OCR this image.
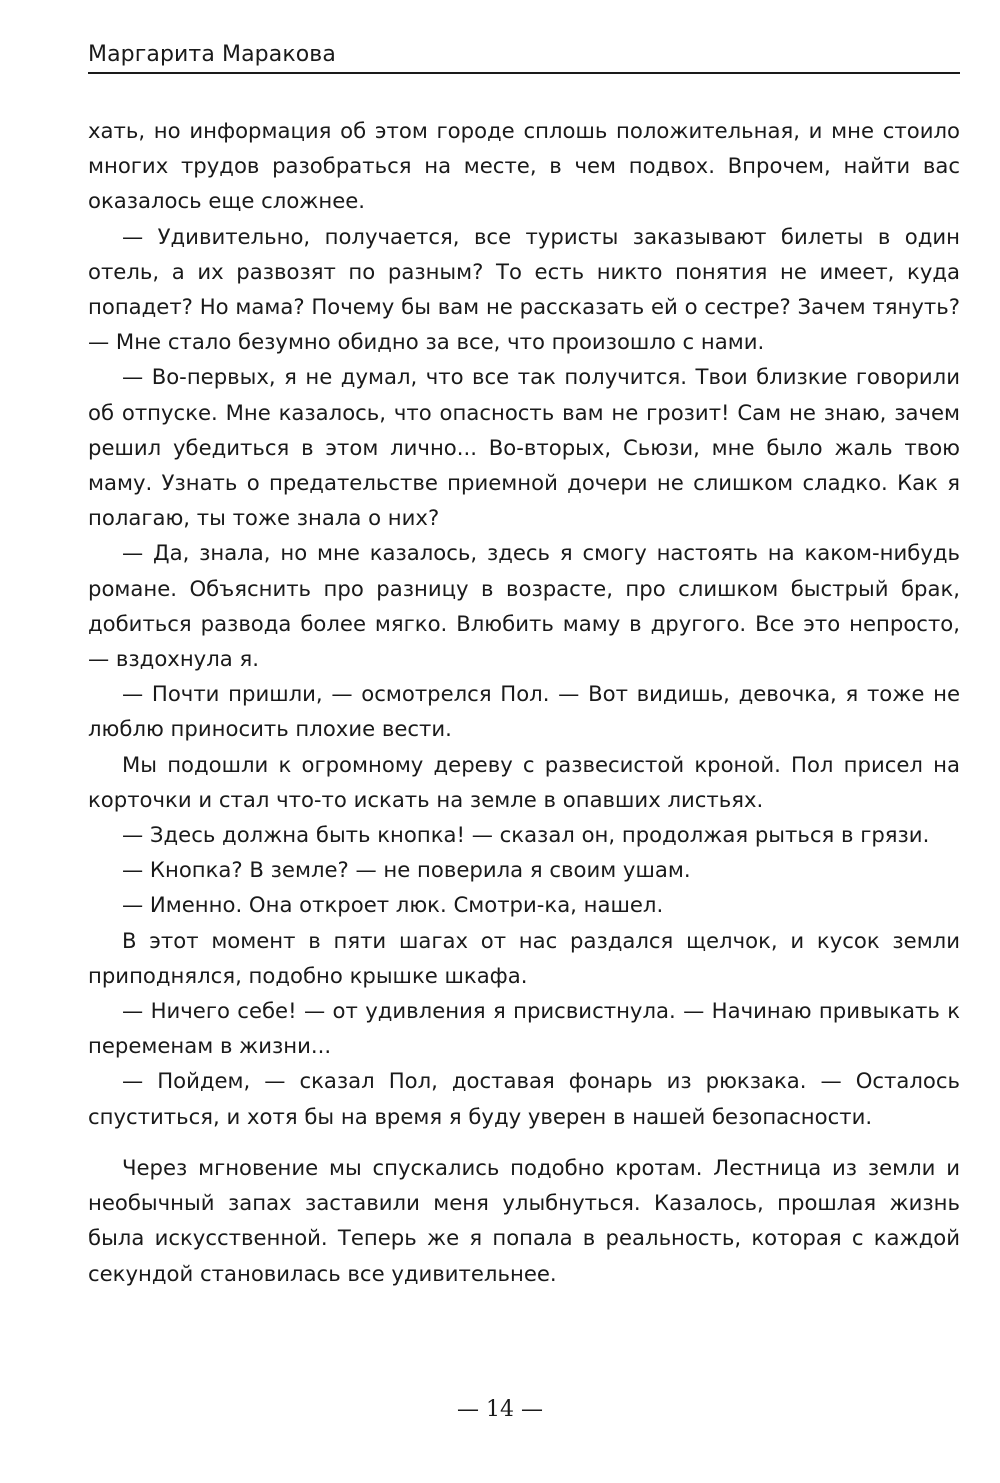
Маргарита Маракова

хать, но информация об этом городе сплошь положительная, и мне стоило многих трудов разобраться на месте, в чем подвох. Впрочем, найти вас оказалось еще сложнее.

— Удивительно, получается, все туристы заказывают билеты в один отель, а их развозят по разным? То есть никто понятия не имеет, куда попадет? Но мама? Почему бы вам не рассказать ей о сестре? Зачем тянуть? — Мне стало безумно обидно за все, что произошло с нами.

— Во-первых, я не думал, что все так получится. Твои близкие говорили об отпуске. Мне казалось, что опасность вам не грозит! Сам не знаю, зачем решил убедиться в этом лично... Во-вторых, Сьюзи, мне было жаль твою маму. Узнать о предательстве приемной дочери не слишком сладко. Как я полагаю, ты тоже знала о них?

— Да, знала, но мне казалось, здесь я смогу настоять на каком-нибудь романе. Объяснить про разницу в возрасте, про слишком быстрый брак, добиться развода более мягко. Влюбить маму в другого. Все это непросто, — вздохнула я.

— Почти пришли, — осмотрелся Пол. — Вот видишь, девочка, я тоже не люблю приносить плохие вести.

Мы подошли к огромному дереву с развесистой кроной. Пол присел на корточки и стал что-то искать на земле в опавших листьях.

— Здесь должна быть кнопка! — сказал он, продолжая рыться в грязи.

— Кнопка? В земле? — не поверила я своим ушам.

— Именно. Она откроет люк. Смотри-ка, нашел.

В этот момент в пяти шагах от нас раздался щелчок, и кусок земли приподнялся, подобно крышке шкафа.

— Ничего себе! — от удивления я присвистнула. — Начинаю привыкать к переменам в жизни...

— Пойдем, — сказал Пол, доставая фонарь из рюкзака. — Осталось спуститься, и хотя бы на время я буду уверен в нашей безопасности.

Через мгновение мы спускались подобно кротам. Лестница из земли и необычный запах заставили меня улыбнуться. Казалось, прошлая жизнь была искусственной. Теперь же я попала в реальность, которая с каждой секундой становилась все удивительнее.

— 14 —
